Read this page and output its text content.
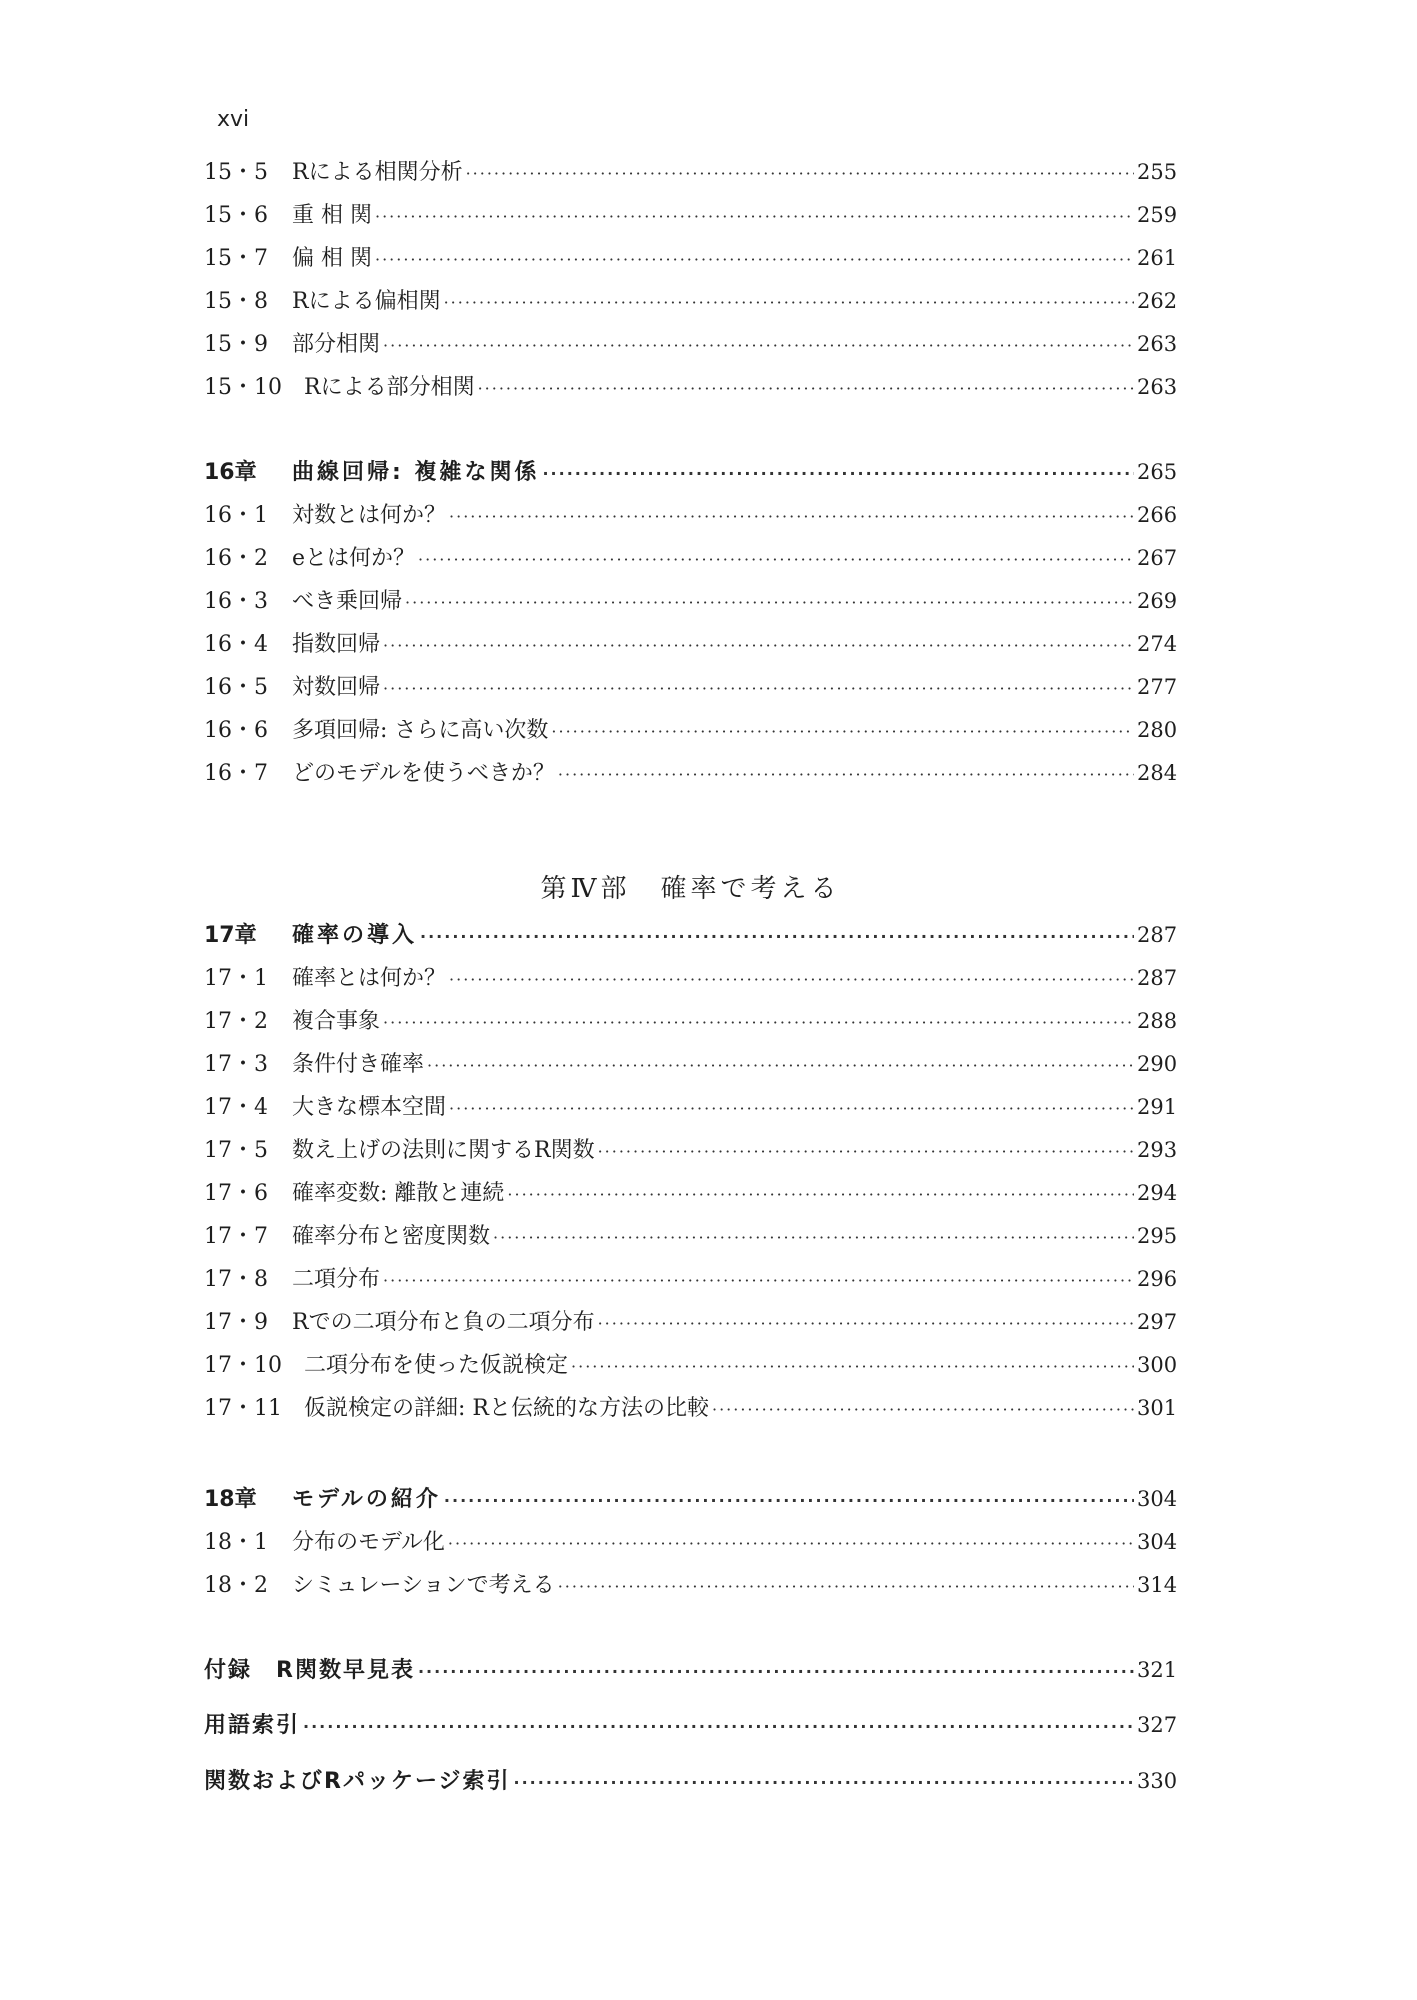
xvi
15・5	Rによる相関分析 ·····	255
15・6	重 相 関 ·····	259
15・7	偏 相 関 ·····	261
15・8	Rによる偏相関 ·····	262
15・9	部分相関 ·····	263
15・10	Rによる部分相関 ·····	263
16章	曲線回帰: 複雑な関係 ·····	265
16・1	対数とは何か？ ·····	266
16・2	eとは何か？ ·····	267
16・3	べき乗回帰 ·····	269
16・4	指数回帰 ·····	274
16・5	対数回帰 ·····	277
16・6	多項回帰: さらに高い次数 ·····	280
16・7	どのモデルを使うべきか？ ·····	284
第Ⅳ部　確率で考える
17章	確率の導入 ·····	287
17・1	確率とは何か？ ·····	287
17・2	複合事象 ·····	288
17・3	条件付き確率 ·····	290
17・4	大きな標本空間 ·····	291
17・5	数え上げの法則に関するR関数 ·····	293
17・6	確率変数: 離散と連続 ·····	294
17・7	確率分布と密度関数 ·····	295
17・8	二項分布 ·····	296
17・9	Rでの二項分布と負の二項分布 ·····	297
17・10	二項分布を使った仮説検定 ·····	300
17・11	仮説検定の詳細: Rと伝統的な方法の比較 ·····	301
18章	モデルの紹介 ·····	304
18・1	分布のモデル化 ·····	304
18・2	シミュレーションで考える ·····	314
付録　R関数早見表 ·····	321
用語索引 ·····	327
関数およびRパッケージ索引 ·····	330
